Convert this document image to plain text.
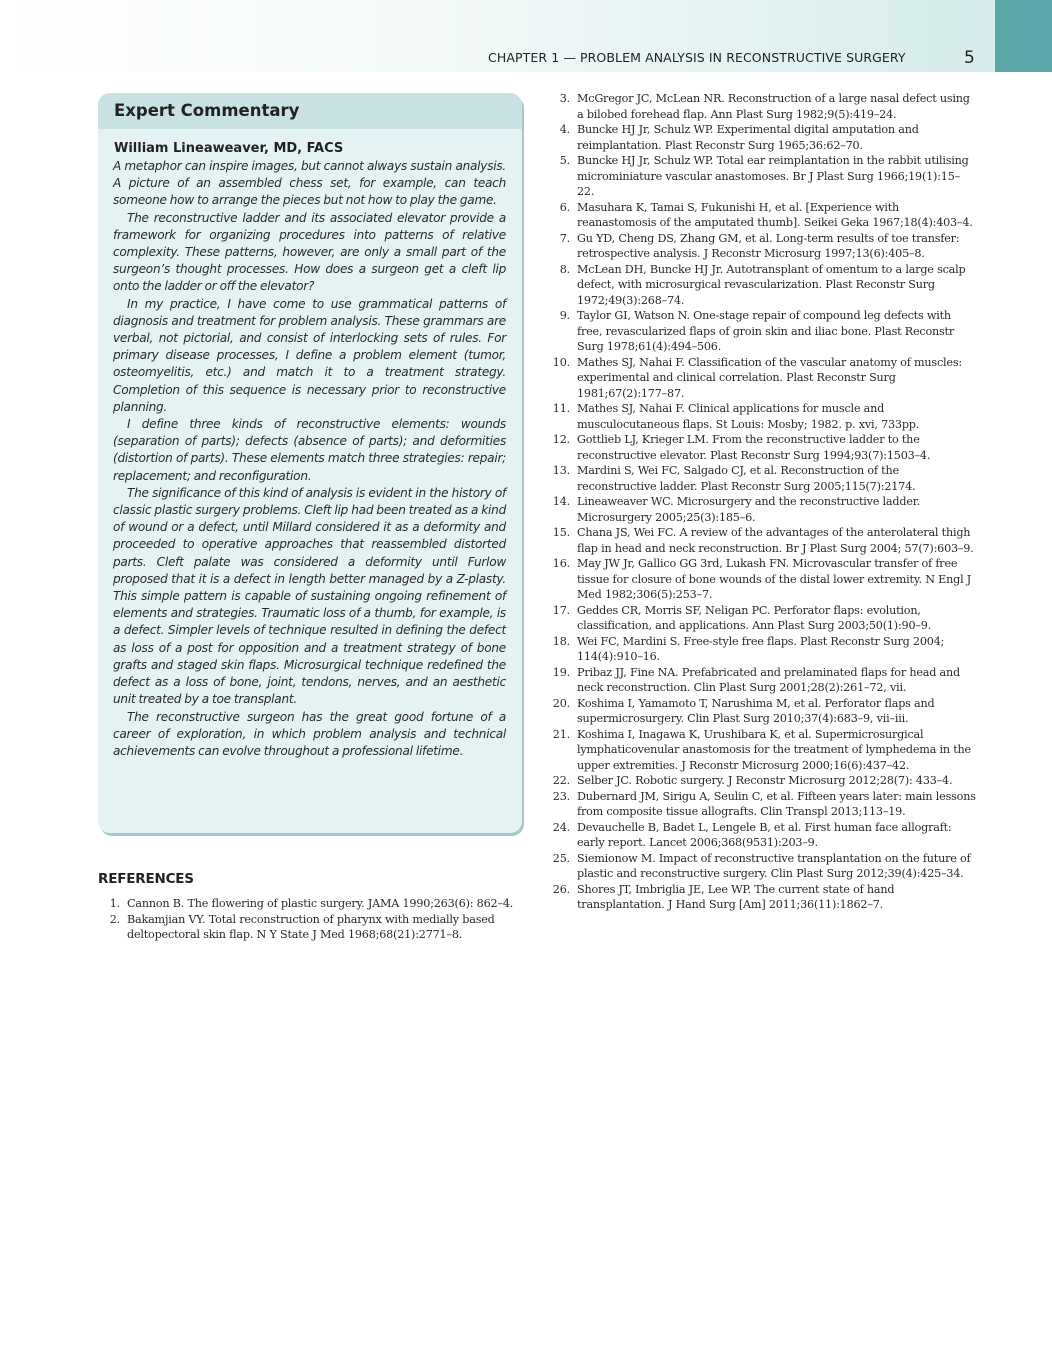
CHAPTER 1 — PROBLEM ANALYSIS IN RECONSTRUCTIVE SURGERY	5
Expert Commentary
William Lineaweaver, MD, FACS

A metaphor can inspire images, but cannot always sustain analysis. A picture of an assembled chess set, for example, can teach someone how to arrange the pieces but not how to play the game.

The reconstructive ladder and its associated elevator provide a framework for organizing procedures into patterns of relative complexity. These patterns, however, are only a small part of the surgeon’s thought processes. How does a surgeon get a cleft lip onto the ladder or off the elevator?

In my practice, I have come to use grammatical patterns of diagnosis and treatment for problem analysis. These grammars are verbal, not pictorial, and consist of interlocking sets of rules. For primary disease processes, I define a problem element (tumor, osteomyelitis, etc.) and match it to a treatment strategy. Completion of this sequence is necessary prior to reconstructive planning.

I define three kinds of reconstructive elements: wounds (separation of parts); defects (absence of parts); and deformities (distortion of parts). These elements match three strategies: repair; replacement; and reconfiguration.

The significance of this kind of analysis is evident in the history of classic plastic surgery problems. Cleft lip had been treated as a kind of wound or a defect, until Millard considered it as a deformity and proceeded to operative approaches that reassembled distorted parts. Cleft palate was considered a deformity until Furlow proposed that it is a defect in length better managed by a Z-plasty. This simple pattern is capable of sustaining ongoing refinement of elements and strategies. Traumatic loss of a thumb, for example, is a defect. Simpler levels of technique resulted in defining the defect as loss of a post for opposition and a treatment strategy of bone grafts and staged skin flaps. Microsurgical technique redefined the defect as a loss of bone, joint, tendons, nerves, and an aesthetic unit treated by a toe transplant.

The reconstructive surgeon has the great good fortune of a career of exploration, in which problem analysis and technical achievements can evolve throughout a professional lifetime.

REFERENCES
1. Cannon B. The flowering of plastic surgery. JAMA 1990;263(6): 862–4.
2. Bakamjian VY. Total reconstruction of pharynx with medially based deltopectoral skin flap. N Y State J Med 1968;68(21):2771–8.
3. McGregor JC, McLean NR. Reconstruction of a large nasal defect using a bilobed forehead flap. Ann Plast Surg 1982;9(5):419–24.
4. Buncke HJ Jr, Schulz WP. Experimental digital amputation and reimplantation. Plast Reconstr Surg 1965;36:62–70.
5. Buncke HJ Jr, Schulz WP. Total ear reimplantation in the rabbit utilising microminiature vascular anastomoses. Br J Plast Surg 1966;19(1):15–22.
6. Masuhara K, Tamai S, Fukunishi H, et al. [Experience with reanastomosis of the amputated thumb]. Seikei Geka 1967;18(4):403–4.
7. Gu YD, Cheng DS, Zhang GM, et al. Long-term results of toe transfer: retrospective analysis. J Reconstr Microsurg 1997;13(6):405–8.
8. McLean DH, Buncke HJ Jr. Autotransplant of omentum to a large scalp defect, with microsurgical revascularization. Plast Reconstr Surg 1972;49(3):268–74.
9. Taylor GI, Watson N. One-stage repair of compound leg defects with free, revascularized flaps of groin skin and iliac bone. Plast Reconstr Surg 1978;61(4):494–506.
10. Mathes SJ, Nahai F. Classification of the vascular anatomy of muscles: experimental and clinical correlation. Plast Reconstr Surg 1981;67(2):177–87.
11. Mathes SJ, Nahai F. Clinical applications for muscle and musculocutaneous flaps. St Louis: Mosby; 1982. p. xvi, 733pp.
12. Gottlieb LJ, Krieger LM. From the reconstructive ladder to the reconstructive elevator. Plast Reconstr Surg 1994;93(7):1503–4.
13. Mardini S, Wei FC, Salgado CJ, et al. Reconstruction of the reconstructive ladder. Plast Reconstr Surg 2005;115(7):2174.
14. Lineaweaver WC. Microsurgery and the reconstructive ladder. Microsurgery 2005;25(3):185–6.
15. Chana JS, Wei FC. A review of the advantages of the anterolateral thigh flap in head and neck reconstruction. Br J Plast Surg 2004; 57(7):603–9.
16. May JW Jr, Gallico GG 3rd, Lukash FN. Microvascular transfer of free tissue for closure of bone wounds of the distal lower extremity. N Engl J Med 1982;306(5):253–7.
17. Geddes CR, Morris SF, Neligan PC. Perforator flaps: evolution, classification, and applications. Ann Plast Surg 2003;50(1):90–9.
18. Wei FC, Mardini S. Free-style free flaps. Plast Reconstr Surg 2004; 114(4):910–16.
19. Pribaz JJ, Fine NA. Prefabricated and prelaminated flaps for head and neck reconstruction. Clin Plast Surg 2001;28(2):261–72, vii.
20. Koshima I, Yamamoto T, Narushima M, et al. Perforator flaps and supermicrosurgery. Clin Plast Surg 2010;37(4):683–9, vii–iii.
21. Koshima I, Inagawa K, Urushibara K, et al. Supermicrosurgical lymphaticovenular anastomosis for the treatment of lymphedema in the upper extremities. J Reconstr Microsurg 2000;16(6):437–42.
22. Selber JC. Robotic surgery. J Reconstr Microsurg 2012;28(7): 433–4.
23. Dubernard JM, Sirigu A, Seulin C, et al. Fifteen years later: main lessons from composite tissue allografts. Clin Transpl 2013;113–19.
24. Devauchelle B, Badet L, Lengele B, et al. First human face allograft: early report. Lancet 2006;368(9531):203–9.
25. Siemionow M. Impact of reconstructive transplantation on the future of plastic and reconstructive surgery. Clin Plast Surg 2012;39(4):425–34.
26. Shores JT, Imbriglia JE, Lee WP. The current state of hand transplantation. J Hand Surg [Am] 2011;36(11):1862–7.
